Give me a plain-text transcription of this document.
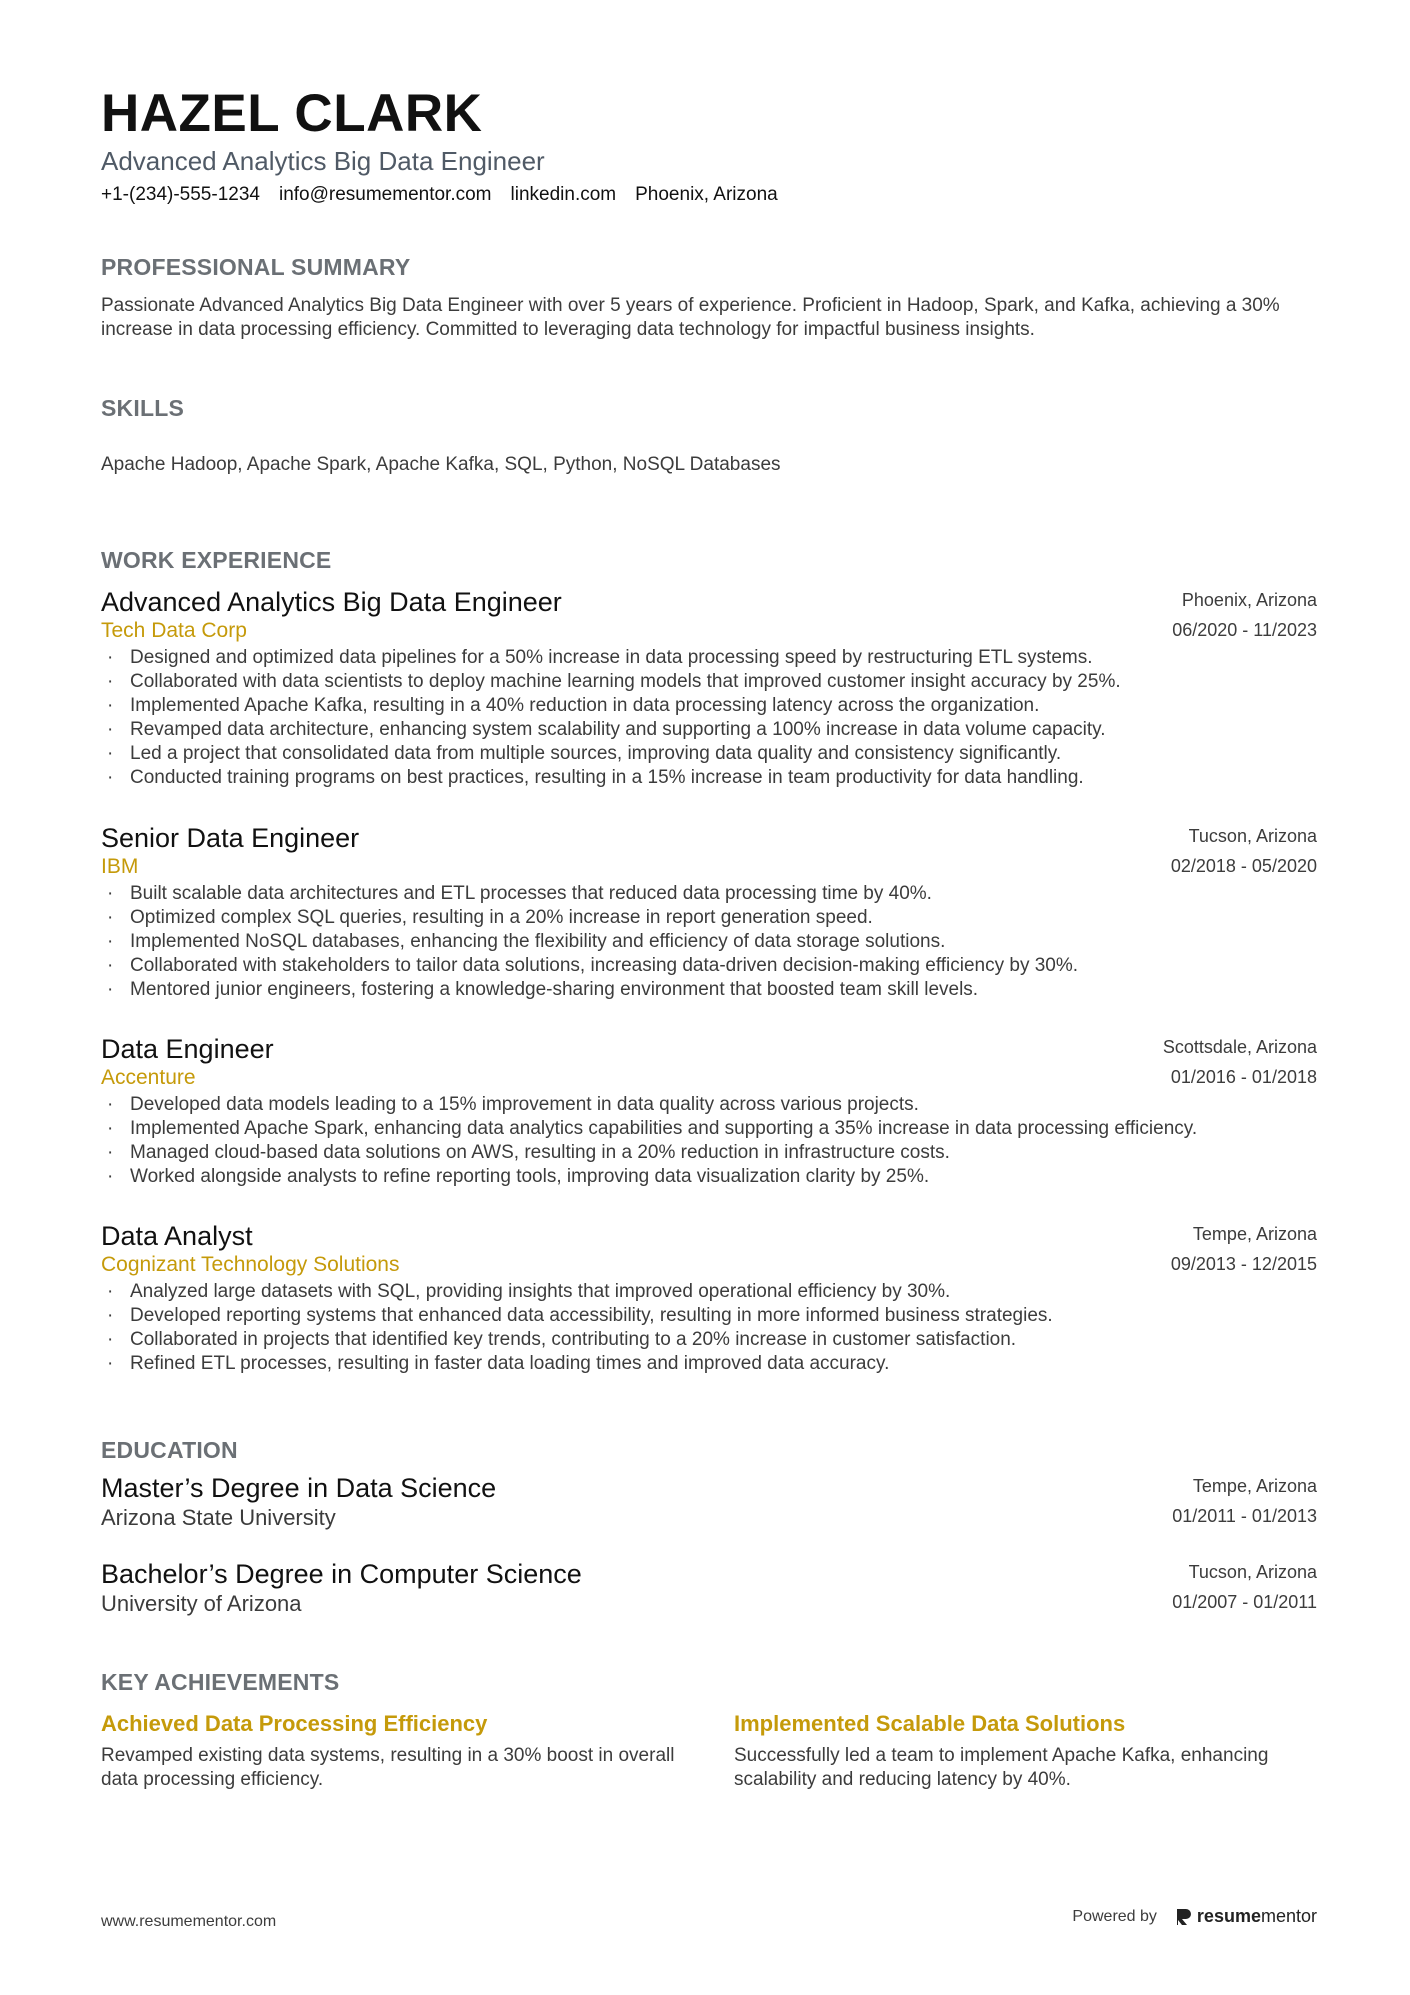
HAZEL CLARK
Advanced Analytics Big Data Engineer
+1-(234)-555-1234 info@resumementor.com linkedin.com Phoenix, Arizona
PROFESSIONAL SUMMARY
Passionate Advanced Analytics Big Data Engineer with over 5 years of experience. Proficient in Hadoop, Spark, and Kafka, achieving a 30% increase in data processing efficiency. Committed to leveraging data technology for impactful business insights.
SKILLS
Apache Hadoop, Apache Spark, Apache Kafka, SQL, Python, NoSQL Databases
WORK EXPERIENCE
Advanced Analytics Big Data Engineer
Tech Data Corp
Phoenix, Arizona
06/2020 - 11/2023
· Designed and optimized data pipelines for a 50% increase in data processing speed by restructuring ETL systems.
· Collaborated with data scientists to deploy machine learning models that improved customer insight accuracy by 25%.
· Implemented Apache Kafka, resulting in a 40% reduction in data processing latency across the organization.
· Revamped data architecture, enhancing system scalability and supporting a 100% increase in data volume capacity.
· Led a project that consolidated data from multiple sources, improving data quality and consistency significantly.
· Conducted training programs on best practices, resulting in a 15% increase in team productivity for data handling.
Senior Data Engineer
IBM
Tucson, Arizona
02/2018 - 05/2020
· Built scalable data architectures and ETL processes that reduced data processing time by 40%.
· Optimized complex SQL queries, resulting in a 20% increase in report generation speed.
· Implemented NoSQL databases, enhancing the flexibility and efficiency of data storage solutions.
· Collaborated with stakeholders to tailor data solutions, increasing data-driven decision-making efficiency by 30%.
· Mentored junior engineers, fostering a knowledge-sharing environment that boosted team skill levels.
Data Engineer
Accenture
Scottsdale, Arizona
01/2016 - 01/2018
· Developed data models leading to a 15% improvement in data quality across various projects.
· Implemented Apache Spark, enhancing data analytics capabilities and supporting a 35% increase in data processing efficiency.
· Managed cloud-based data solutions on AWS, resulting in a 20% reduction in infrastructure costs.
· Worked alongside analysts to refine reporting tools, improving data visualization clarity by 25%.
Data Analyst
Cognizant Technology Solutions
Tempe, Arizona
09/2013 - 12/2015
· Analyzed large datasets with SQL, providing insights that improved operational efficiency by 30%.
· Developed reporting systems that enhanced data accessibility, resulting in more informed business strategies.
· Collaborated in projects that identified key trends, contributing to a 20% increase in customer satisfaction.
· Refined ETL processes, resulting in faster data loading times and improved data accuracy.
EDUCATION
Master’s Degree in Data Science
Arizona State University
Tempe, Arizona
01/2011 - 01/2013
Bachelor’s Degree in Computer Science
University of Arizona
Tucson, Arizona
01/2007 - 01/2011
KEY ACHIEVEMENTS
Achieved Data Processing Efficiency
Revamped existing data systems, resulting in a 30% boost in overall data processing efficiency.
Implemented Scalable Data Solutions
Successfully led a team to implement Apache Kafka, enhancing scalability and reducing latency by 40%.
www.resumementor.com	Powered by resumementor
